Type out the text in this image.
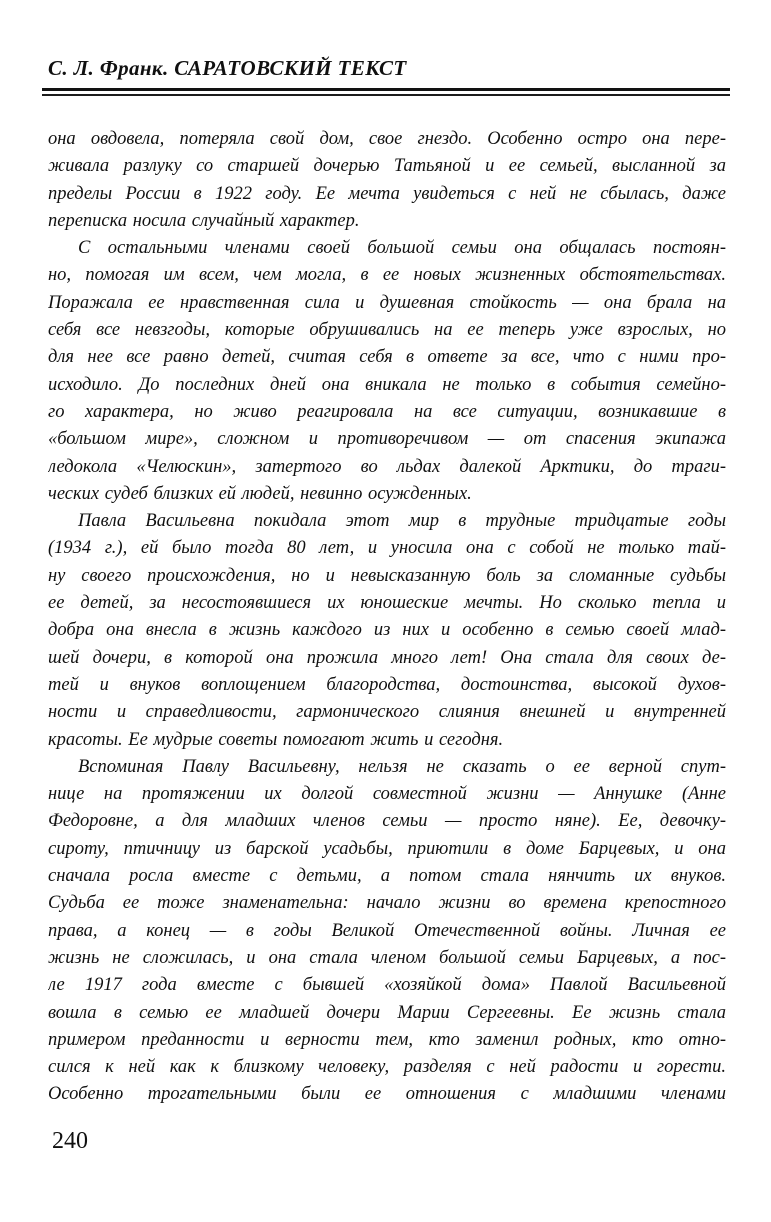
С. Л. Франк. САРАТОВСКИЙ ТЕКСТ
она овдовела, потеряла свой дом, свое гнездо. Особенно остро она пере-
живала разлуку со старшей дочерью Татьяной и ее семьей, высланной за
пределы России в 1922 году. Ее мечта увидеться с ней не сбылась, даже
переписка носила случайный характер.
С остальными членами своей большой семьи она общалась постоян-
но, помогая им всем, чем могла, в ее новых жизненных обстоятельствах.
Поражала ее нравственная сила и душевная стойкость — она брала на
себя все невзгоды, которые обрушивались на ее теперь уже взрослых, но
для нее все равно детей, считая себя в ответе за все, что с ними про-
исходило. До последних дней она вникала не только в события семейно-
го характера, но живо реагировала на все ситуации, возникавшие в
«большом мире», сложном и противоречивом — от спасения экипажа
ледокола «Челюскин», затертого во льдах далекой Арктики, до траги-
ческих судеб близких ей людей, невинно осужденных.
Павла Васильевна покидала этот мир в трудные тридцатые годы
(1934 г.), ей было тогда 80 лет, и уносила она с собой не только тай-
ну своего происхождения, но и невысказанную боль за сломанные судьбы
ее детей, за несостоявшиеся их юношеские мечты. Но сколько тепла и
добра она внесла в жизнь каждого из них и особенно в семью своей млад-
шей дочери, в которой она прожила много лет! Она стала для своих де-
тей и внуков воплощением благородства, достоинства, высокой духов-
ности и справедливости, гармонического слияния внешней и внутренней
красоты. Ее мудрые советы помогают жить и сегодня.
Вспоминая Павлу Васильевну, нельзя не сказать о ее верной спут-
нице на протяжении их долгой совместной жизни — Аннушке (Анне
Федоровне, а для младших членов семьи — просто няне). Ее, девочку-
сироту, птичницу из барской усадьбы, приютили в доме Барцевых, и она
сначала росла вместе с детьми, а потом стала нянчить их внуков.
Судьба ее тоже знаменательна: начало жизни во времена крепостного
права, а конец — в годы Великой Отечественной войны. Личная ее
жизнь не сложилась, и она стала членом большой семьи Барцевых, а пос-
ле 1917 года вместе с бывшей «хозяйкой дома» Павлой Васильевной
вошла в семью ее младшей дочери Марии Сергеевны. Ее жизнь стала
примером преданности и верности тем, кто заменил родных, кто отно-
сился к ней как к близкому человеку, разделяя с ней радости и горести.
Особенно трогательными были ее отношения с младшими членами
240
